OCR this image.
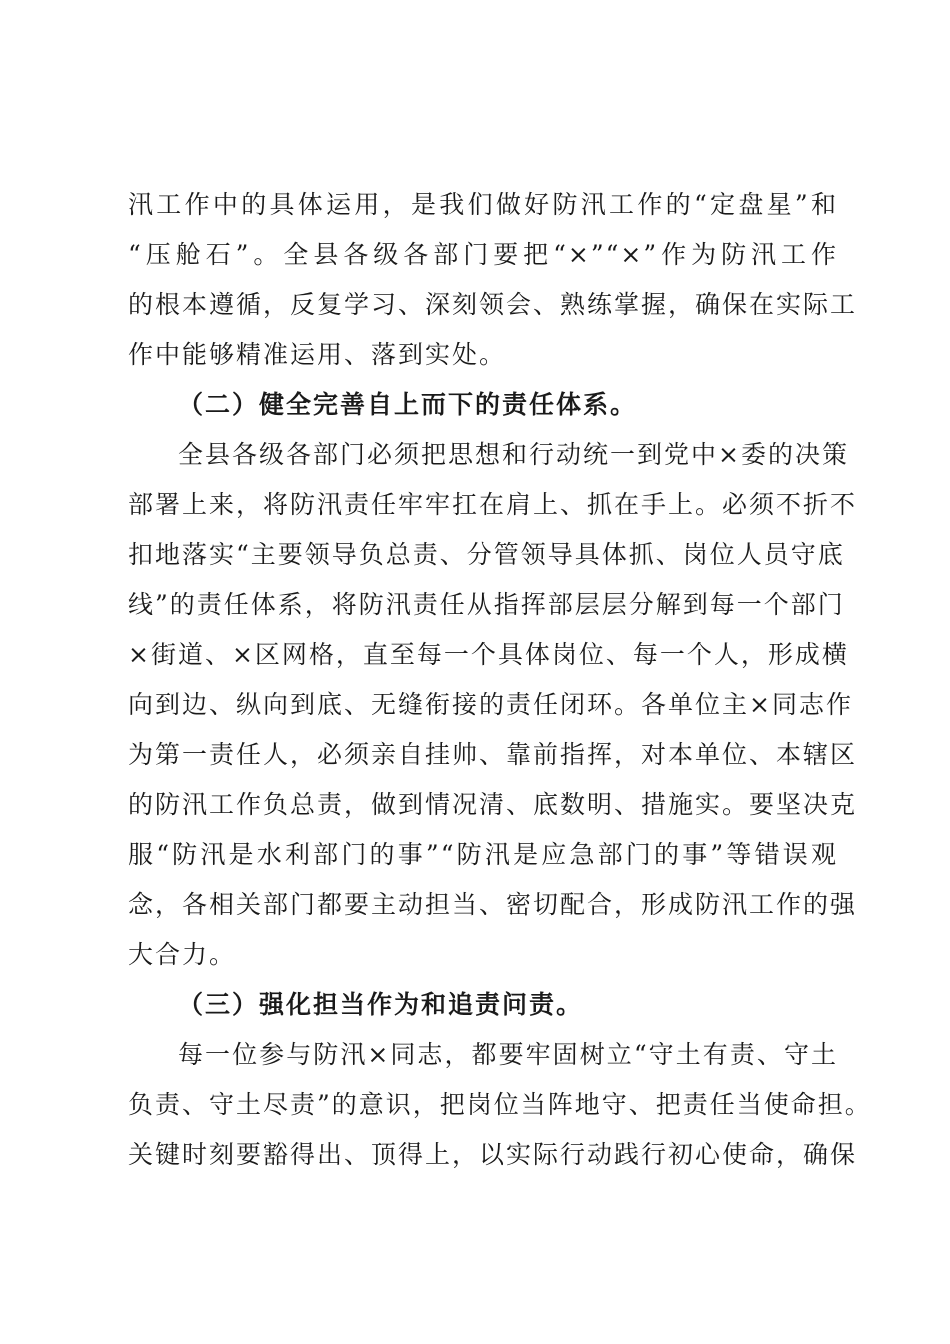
汛工作中的具体运用，是我们做好防汛工作的“定盘星”和
“压舱石”。全县各级各部门要把“×”“×”作为防汛工作
的根本遵循，反复学习、深刻领会、熟练掌握，确保在实际工
作中能够精准运用、落到实处。
（二）健全完善自上而下的责任体系。
全县各级各部门必须把思想和行动统一到党中×委的决策
部署上来，将防汛责任牢牢扛在肩上、抓在手上。必须不折不
扣地落实“主要领导负总责、分管领导具体抓、岗位人员守底
线”的责任体系，将防汛责任从指挥部层层分解到每一个部门
×街道、×区网格，直至每一个具体岗位、每一个人，形成横
向到边、纵向到底、无缝衔接的责任闭环。各单位主×同志作
为第一责任人，必须亲自挂帅、靠前指挥，对本单位、本辖区
的防汛工作负总责，做到情况清、底数明、措施实。要坚决克
服“防汛是水利部门的事”“防汛是应急部门的事”等错误观
念，各相关部门都要主动担当、密切配合，形成防汛工作的强
大合力。
（三）强化担当作为和追责问责。
每一位参与防汛×同志，都要牢固树立“守土有责、守土
负责、守土尽责”的意识，把岗位当阵地守、把责任当使命担。
关键时刻要豁得出、顶得上，以实际行动践行初心使命，确保
